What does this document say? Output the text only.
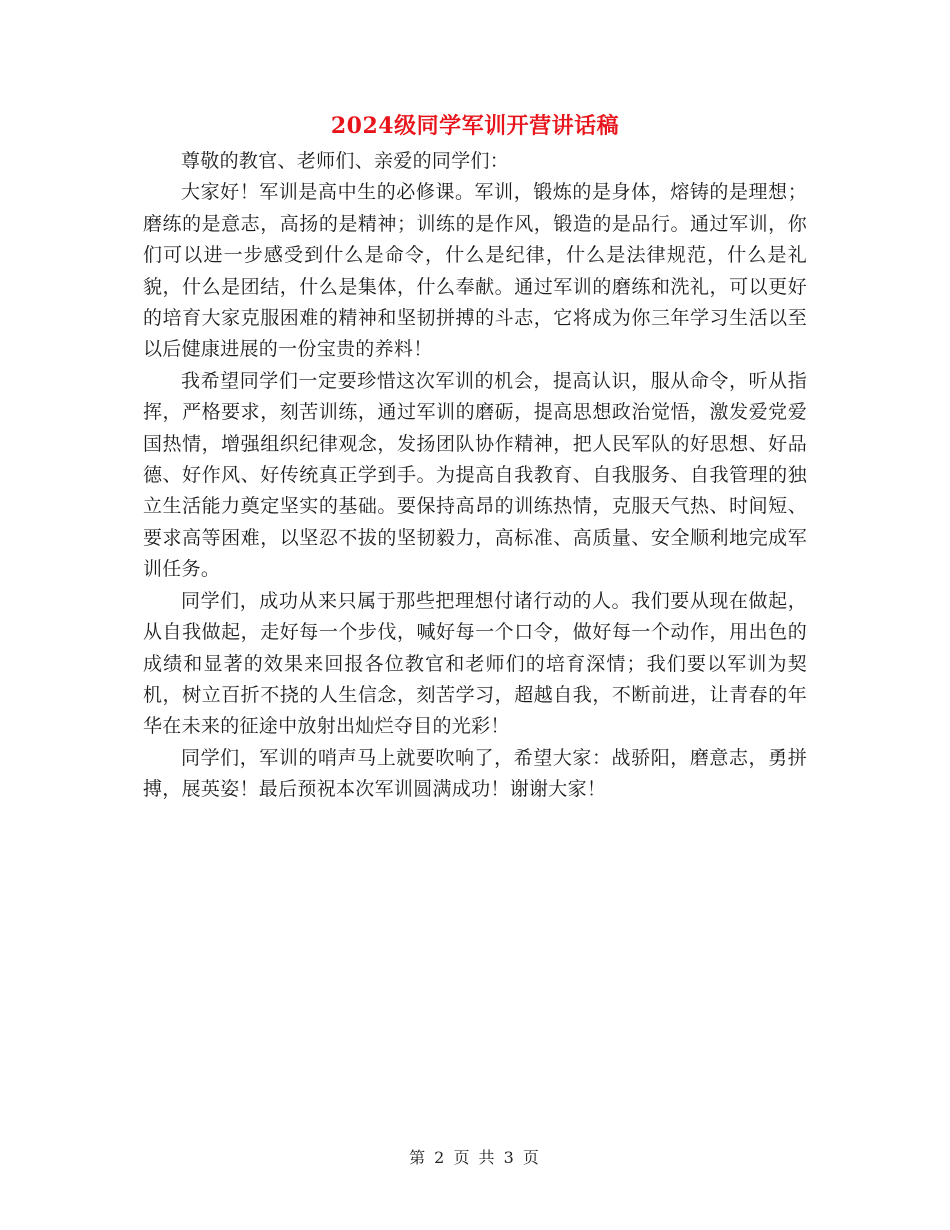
2024级同学军训开营讲话稿

尊敬的教官、老师们、亲爱的同学们：

大家好！军训是高中生的必修课。军训，锻炼的是身体，熔铸的是理想；磨练的是意志，高扬的是精神；训练的是作风，锻造的是品行。通过军训，你们可以进一步感受到什么是命令，什么是纪律，什么是法律规范，什么是礼貌，什么是团结，什么是集体，什么奉献。通过军训的磨练和洗礼，可以更好的培育大家克服困难的精神和坚韧拼搏的斗志，它将成为你三年学习生活以至以后健康进展的一份宝贵的养料！

我希望同学们一定要珍惜这次军训的机会，提高认识，服从命令，听从指挥，严格要求，刻苦训练，通过军训的磨砺，提高思想政治觉悟，激发爱党爱国热情，增强组织纪律观念，发扬团队协作精神，把人民军队的好思想、好品德、好作风、好传统真正学到手。为提高自我教育、自我服务、自我管理的独立生活能力奠定坚实的基础。要保持高昂的训练热情，克服天气热、时间短、要求高等困难，以坚忍不拔的坚韧毅力，高标准、高质量、安全顺利地完成军训任务。

同学们，成功从来只属于那些把理想付诸行动的人。我们要从现在做起，从自我做起，走好每一个步伐，喊好每一个口令，做好每一个动作，用出色的成绩和显著的效果来回报各位教官和老师们的培育深情；我们要以军训为契机，树立百折不挠的人生信念，刻苦学习，超越自我，不断前进，让青春的年华在未来的征途中放射出灿烂夺目的光彩！

同学们，军训的哨声马上就要吹响了，希望大家：战骄阳，磨意志，勇拼搏，展英姿！最后预祝本次军训圆满成功！谢谢大家！

第 2 页 共 3 页
